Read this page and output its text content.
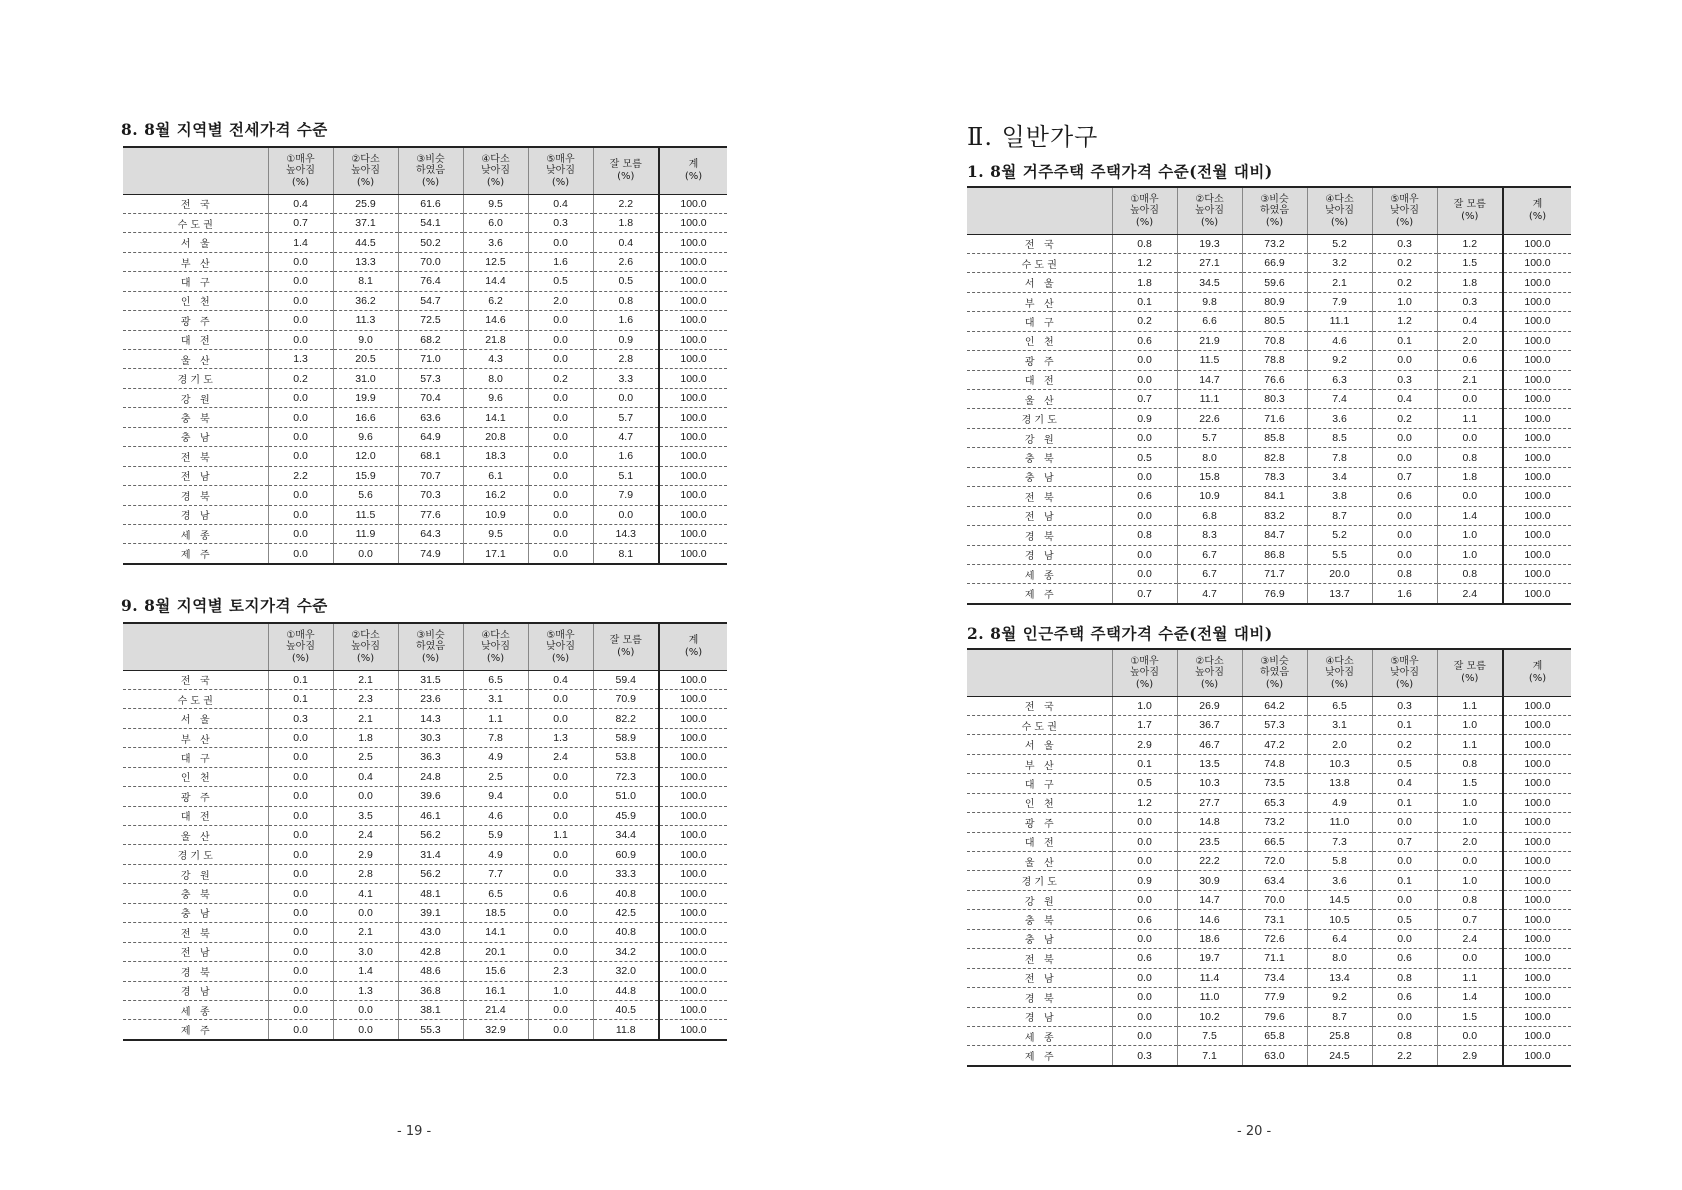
8. 8월 지역별 전세가격 수준
	①매우
높아짐
(%)	②다소
높아짐
(%)	③비슷
하였음
(%)	④다소
낮아짐
(%)	⑤매우
낮아짐
(%)	잘 모름
(%)	계
(%)
전   국	0.4	25.9	61.6	9.5	0.4	2.2	100.0
수 도 권	0.7	37.1	54.1	6.0	0.3	1.8	100.0
서   울	1.4	44.5	50.2	3.6	0.0	0.4	100.0
부   산	0.0	13.3	70.0	12.5	1.6	2.6	100.0
대   구	0.0	8.1	76.4	14.4	0.5	0.5	100.0
인   천	0.0	36.2	54.7	6.2	2.0	0.8	100.0
광   주	0.0	11.3	72.5	14.6	0.0	1.6	100.0
대   전	0.0	9.0	68.2	21.8	0.0	0.9	100.0
울   산	1.3	20.5	71.0	4.3	0.0	2.8	100.0
경 기 도	0.2	31.0	57.3	8.0	0.2	3.3	100.0
강   원	0.0	19.9	70.4	9.6	0.0	0.0	100.0
충   북	0.0	16.6	63.6	14.1	0.0	5.7	100.0
충   남	0.0	9.6	64.9	20.8	0.0	4.7	100.0
전   북	0.0	12.0	68.1	18.3	0.0	1.6	100.0
전   남	2.2	15.9	70.7	6.1	0.0	5.1	100.0
경   북	0.0	5.6	70.3	16.2	0.0	7.9	100.0
경   남	0.0	11.5	77.6	10.9	0.0	0.0	100.0
세   종	0.0	11.9	64.3	9.5	0.0	14.3	100.0
제   주	0.0	0.0	74.9	17.1	0.0	8.1	100.0
9. 8월 지역별 토지가격 수준
	①매우
높아짐
(%)	②다소
높아짐
(%)	③비슷
하였음
(%)	④다소
낮아짐
(%)	⑤매우
낮아짐
(%)	잘 모름
(%)	계
(%)
전   국	0.1	2.1	31.5	6.5	0.4	59.4	100.0
수 도 권	0.1	2.3	23.6	3.1	0.0	70.9	100.0
서   울	0.3	2.1	14.3	1.1	0.0	82.2	100.0
부   산	0.0	1.8	30.3	7.8	1.3	58.9	100.0
대   구	0.0	2.5	36.3	4.9	2.4	53.8	100.0
인   천	0.0	0.4	24.8	2.5	0.0	72.3	100.0
광   주	0.0	0.0	39.6	9.4	0.0	51.0	100.0
대   전	0.0	3.5	46.1	4.6	0.0	45.9	100.0
울   산	0.0	2.4	56.2	5.9	1.1	34.4	100.0
경 기 도	0.0	2.9	31.4	4.9	0.0	60.9	100.0
강   원	0.0	2.8	56.2	7.7	0.0	33.3	100.0
충   북	0.0	4.1	48.1	6.5	0.6	40.8	100.0
충   남	0.0	0.0	39.1	18.5	0.0	42.5	100.0
전   북	0.0	2.1	43.0	14.1	0.0	40.8	100.0
전   남	0.0	3.0	42.8	20.1	0.0	34.2	100.0
경   북	0.0	1.4	48.6	15.6	2.3	32.0	100.0
경   남	0.0	1.3	36.8	16.1	1.0	44.8	100.0
세   종	0.0	0.0	38.1	21.4	0.0	40.5	100.0
제   주	0.0	0.0	55.3	32.9	0.0	11.8	100.0
- 19 -
Ⅱ. 일반가구
1. 8월 거주주택 주택가격 수준(전월 대비)
	①매우
높아짐
(%)	②다소
높아짐
(%)	③비슷
하였음
(%)	④다소
낮아짐
(%)	⑤매우
낮아짐
(%)	잘 모름
(%)	계
(%)
전   국	0.8	19.3	73.2	5.2	0.3	1.2	100.0
수 도 권	1.2	27.1	66.9	3.2	0.2	1.5	100.0
서   울	1.8	34.5	59.6	2.1	0.2	1.8	100.0
부   산	0.1	9.8	80.9	7.9	1.0	0.3	100.0
대   구	0.2	6.6	80.5	11.1	1.2	0.4	100.0
인   천	0.6	21.9	70.8	4.6	0.1	2.0	100.0
광   주	0.0	11.5	78.8	9.2	0.0	0.6	100.0
대   전	0.0	14.7	76.6	6.3	0.3	2.1	100.0
울   산	0.7	11.1	80.3	7.4	0.4	0.0	100.0
경 기 도	0.9	22.6	71.6	3.6	0.2	1.1	100.0
강   원	0.0	5.7	85.8	8.5	0.0	0.0	100.0
충   북	0.5	8.0	82.8	7.8	0.0	0.8	100.0
충   남	0.0	15.8	78.3	3.4	0.7	1.8	100.0
전   북	0.6	10.9	84.1	3.8	0.6	0.0	100.0
전   남	0.0	6.8	83.2	8.7	0.0	1.4	100.0
경   북	0.8	8.3	84.7	5.2	0.0	1.0	100.0
경   남	0.0	6.7	86.8	5.5	0.0	1.0	100.0
세   종	0.0	6.7	71.7	20.0	0.8	0.8	100.0
제   주	0.7	4.7	76.9	13.7	1.6	2.4	100.0
2. 8월 인근주택 주택가격 수준(전월 대비)
	①매우
높아짐
(%)	②다소
높아짐
(%)	③비슷
하였음
(%)	④다소
낮아짐
(%)	⑤매우
낮아짐
(%)	잘 모름
(%)	계
(%)
전   국	1.0	26.9	64.2	6.5	0.3	1.1	100.0
수 도 권	1.7	36.7	57.3	3.1	0.1	1.0	100.0
서   울	2.9	46.7	47.2	2.0	0.2	1.1	100.0
부   산	0.1	13.5	74.8	10.3	0.5	0.8	100.0
대   구	0.5	10.3	73.5	13.8	0.4	1.5	100.0
인   천	1.2	27.7	65.3	4.9	0.1	1.0	100.0
광   주	0.0	14.8	73.2	11.0	0.0	1.0	100.0
대   전	0.0	23.5	66.5	7.3	0.7	2.0	100.0
울   산	0.0	22.2	72.0	5.8	0.0	0.0	100.0
경 기 도	0.9	30.9	63.4	3.6	0.1	1.0	100.0
강   원	0.0	14.7	70.0	14.5	0.0	0.8	100.0
충   북	0.6	14.6	73.1	10.5	0.5	0.7	100.0
충   남	0.0	18.6	72.6	6.4	0.0	2.4	100.0
전   북	0.6	19.7	71.1	8.0	0.6	0.0	100.0
전   남	0.0	11.4	73.4	13.4	0.8	1.1	100.0
경   북	0.0	11.0	77.9	9.2	0.6	1.4	100.0
경   남	0.0	10.2	79.6	8.7	0.0	1.5	100.0
세   종	0.0	7.5	65.8	25.8	0.8	0.0	100.0
제   주	0.3	7.1	63.0	24.5	2.2	2.9	100.0
- 20 -
